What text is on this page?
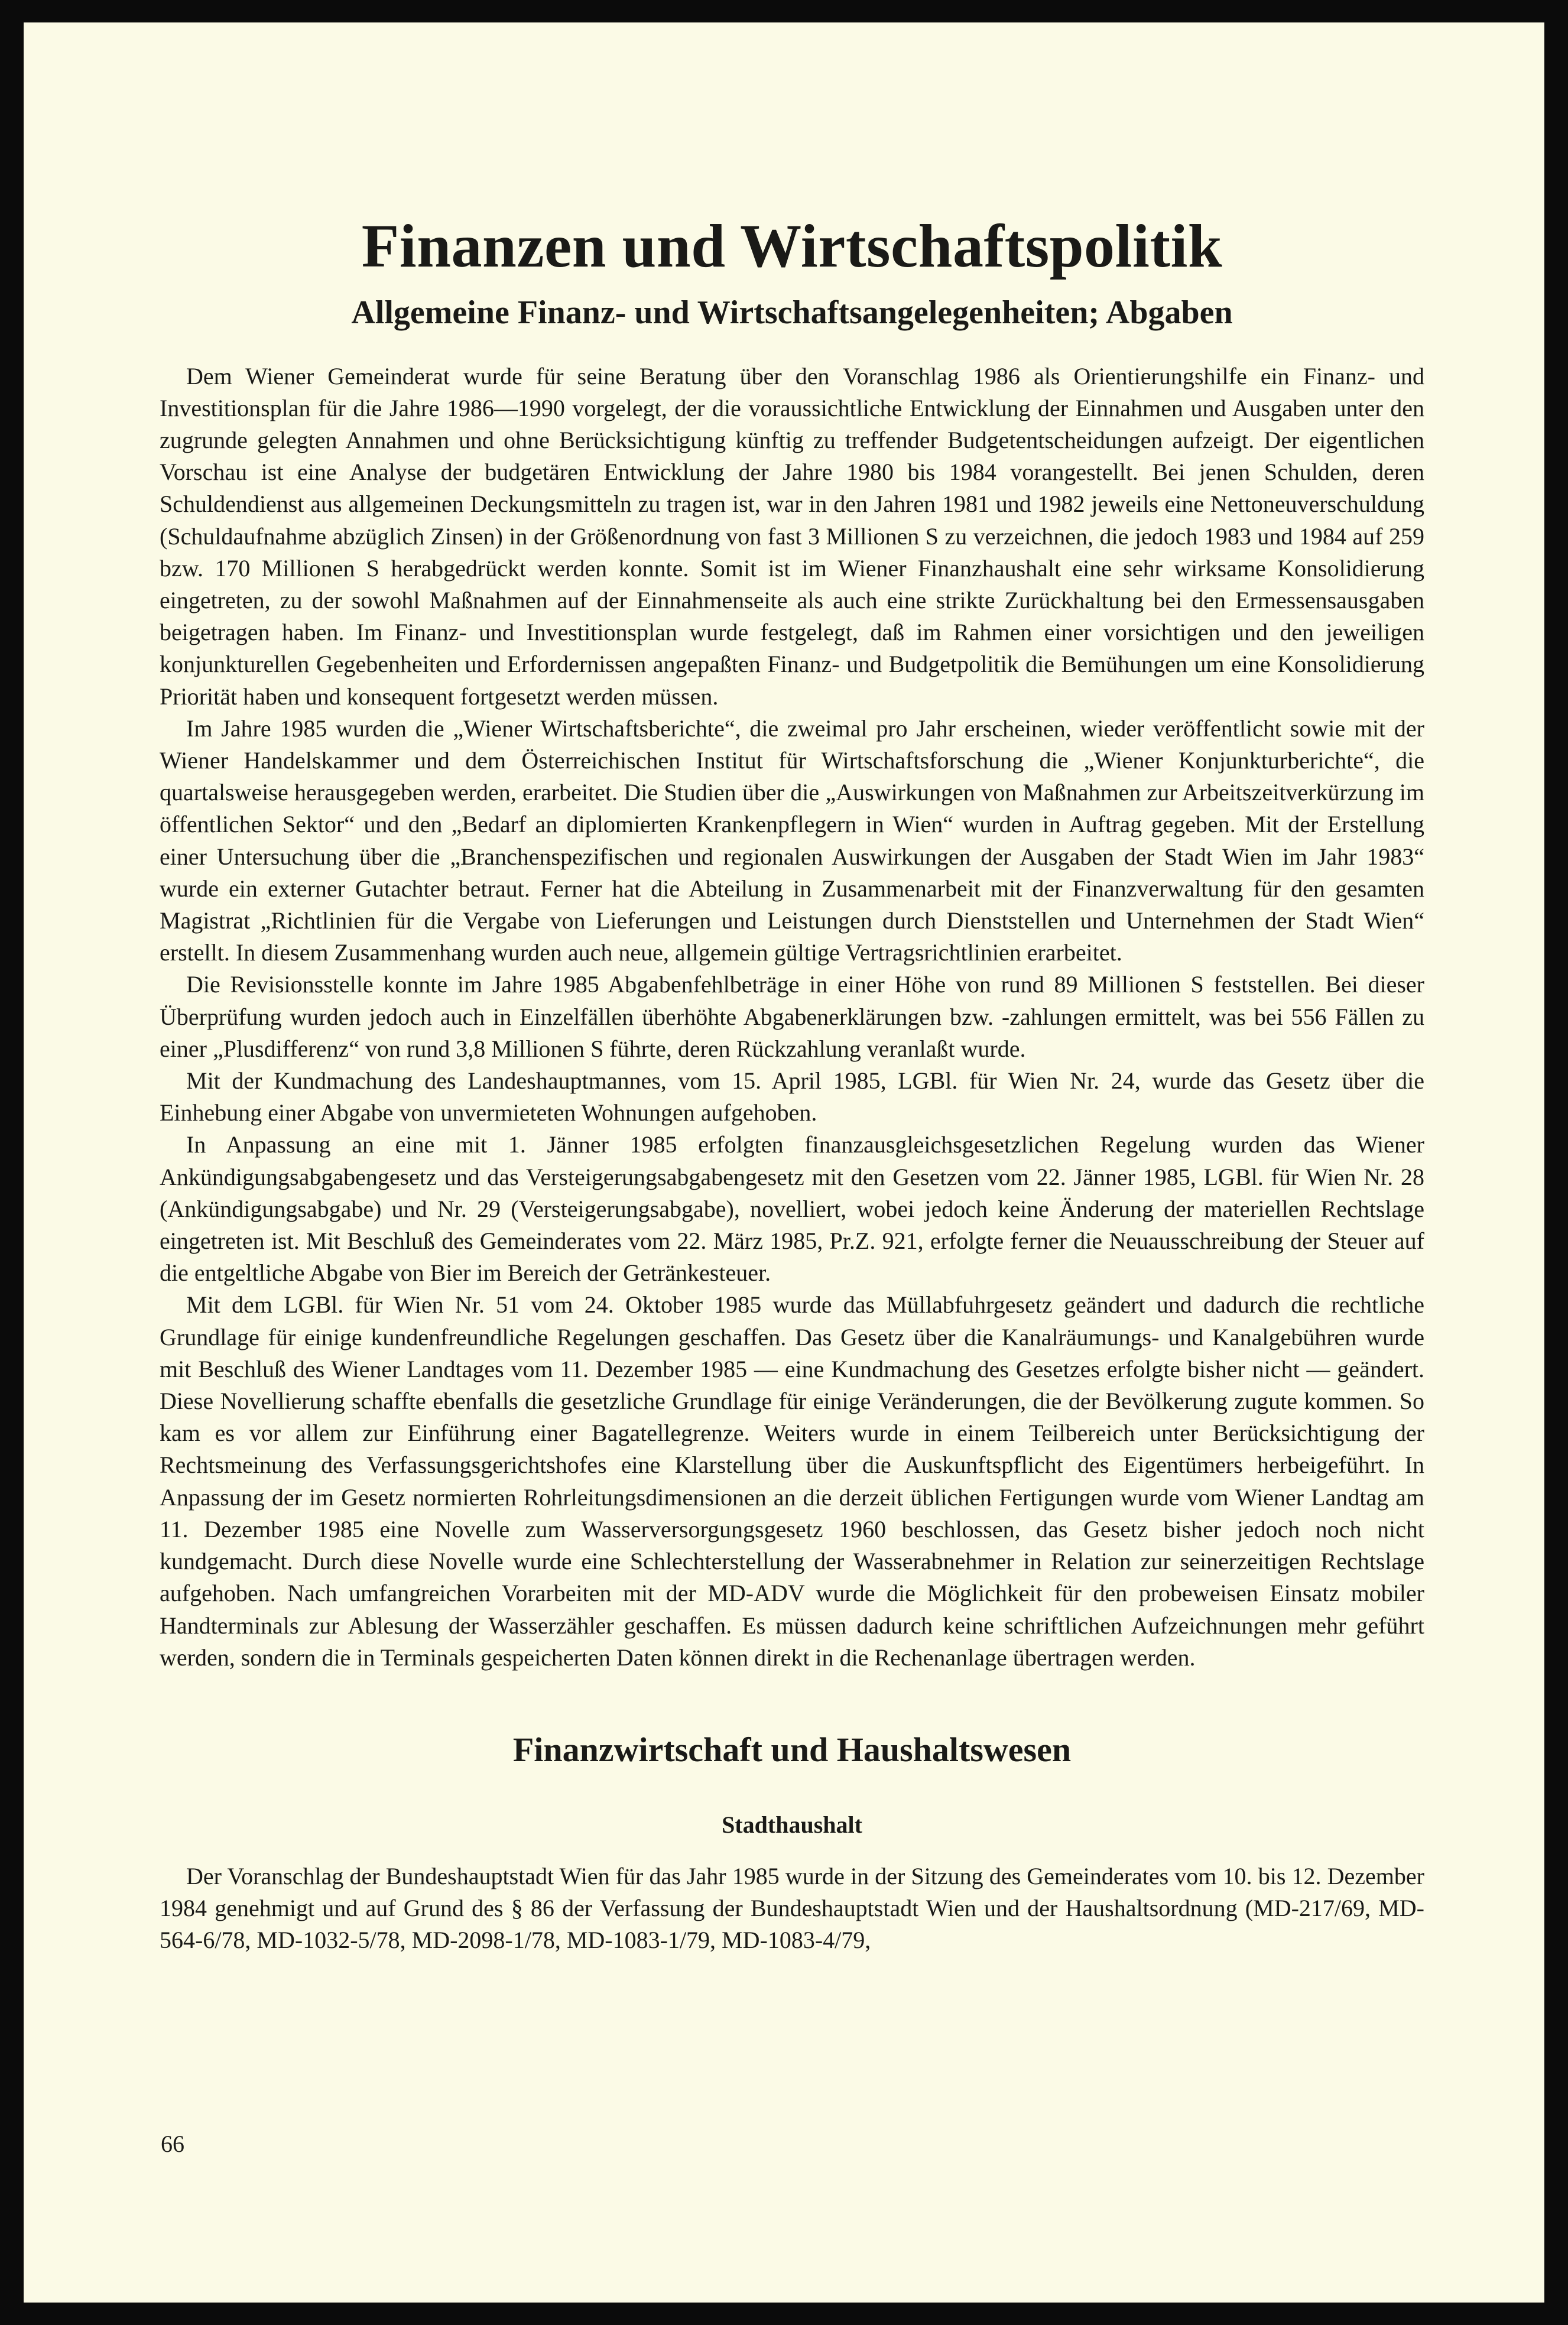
Finanzen und Wirtschaftspolitik
Allgemeine Finanz- und Wirtschaftsangelegenheiten; Abgaben

Dem Wiener Gemeinderat wurde für seine Beratung über den Voranschlag 1986 als Orientierungshilfe ein Finanz- und Investitionsplan für die Jahre 1986—1990 vorgelegt, der die voraussichtliche Entwicklung der Einnahmen und Ausgaben unter den zugrunde gelegten Annahmen und ohne Berücksichtigung künftig zu treffender Budgetentscheidungen aufzeigt. Der eigentlichen Vorschau ist eine Analyse der budgetären Entwicklung der Jahre 1980 bis 1984 vorangestellt. Bei jenen Schulden, deren Schuldendienst aus allgemeinen Deckungsmitteln zu tragen ist, war in den Jahren 1981 und 1982 jeweils eine Nettoneuverschuldung (Schuldaufnahme abzüglich Zinsen) in der Größenordnung von fast 3 Millionen S zu verzeichnen, die jedoch 1983 und 1984 auf 259 bzw. 170 Millionen S herabgedrückt werden konnte. Somit ist im Wiener Finanzhaushalt eine sehr wirksame Konsolidierung eingetreten, zu der sowohl Maßnahmen auf der Einnahmenseite als auch eine strikte Zurückhaltung bei den Ermessensausgaben beigetragen haben. Im Finanz- und Investitionsplan wurde festgelegt, daß im Rahmen einer vorsichtigen und den jeweiligen konjunkturellen Gegebenheiten und Erfordernissen angepaßten Finanz- und Budgetpolitik die Bemühungen um eine Konsolidierung Priorität haben und konsequent fortgesetzt werden müssen.

Im Jahre 1985 wurden die „Wiener Wirtschaftsberichte“, die zweimal pro Jahr erscheinen, wieder veröffentlicht sowie mit der Wiener Handelskammer und dem Österreichischen Institut für Wirtschaftsforschung die „Wiener Konjunkturberichte“, die quartalsweise herausgegeben werden, erarbeitet. Die Studien über die „Auswirkungen von Maßnahmen zur Arbeitszeitverkürzung im öffentlichen Sektor“ und den „Bedarf an diplomierten Krankenpflegern in Wien“ wurden in Auftrag gegeben. Mit der Erstellung einer Untersuchung über die „Branchenspezifischen und regionalen Auswirkungen der Ausgaben der Stadt Wien im Jahr 1983“ wurde ein externer Gutachter betraut. Ferner hat die Abteilung in Zusammenarbeit mit der Finanzverwaltung für den gesamten Magistrat „Richtlinien für die Vergabe von Lieferungen und Leistungen durch Dienststellen und Unternehmen der Stadt Wien“ erstellt. In diesem Zusammenhang wurden auch neue, allgemein gültige Vertragsrichtlinien erarbeitet.

Die Revisionsstelle konnte im Jahre 1985 Abgabenfehlbeträge in einer Höhe von rund 89 Millionen S feststellen. Bei dieser Überprüfung wurden jedoch auch in Einzelfällen überhöhte Abgabenerklärungen bzw. -zahlungen ermittelt, was bei 556 Fällen zu einer „Plusdifferenz“ von rund 3,8 Millionen S führte, deren Rückzahlung veranlaßt wurde.

Mit der Kundmachung des Landeshauptmannes, vom 15. April 1985, LGBl. für Wien Nr. 24, wurde das Gesetz über die Einhebung einer Abgabe von unvermieteten Wohnungen aufgehoben.

In Anpassung an eine mit 1. Jänner 1985 erfolgten finanzausgleichsgesetzlichen Regelung wurden das Wiener Ankündigungsabgabengesetz und das Versteigerungsabgabengesetz mit den Gesetzen vom 22. Jänner 1985, LGBl. für Wien Nr. 28 (Ankündigungsabgabe) und Nr. 29 (Versteigerungsabgabe), novelliert, wobei jedoch keine Änderung der materiellen Rechtslage eingetreten ist. Mit Beschluß des Gemeinderates vom 22. März 1985, Pr.Z. 921, erfolgte ferner die Neuausschreibung der Steuer auf die entgeltliche Abgabe von Bier im Bereich der Getränkesteuer.

Mit dem LGBl. für Wien Nr. 51 vom 24. Oktober 1985 wurde das Müllabfuhrgesetz geändert und dadurch die rechtliche Grundlage für einige kundenfreundliche Regelungen geschaffen. Das Gesetz über die Kanalräumungs- und Kanalgebühren wurde mit Beschluß des Wiener Landtages vom 11. Dezember 1985 — eine Kundmachung des Gesetzes erfolgte bisher nicht — geändert. Diese Novellierung schaffte ebenfalls die gesetzliche Grundlage für einige Veränderungen, die der Bevölkerung zugute kommen. So kam es vor allem zur Einführung einer Bagatellegrenze. Weiters wurde in einem Teilbereich unter Berücksichtigung der Rechtsmeinung des Verfassungsgerichtshofes eine Klarstellung über die Auskunftspflicht des Eigentümers herbeigeführt. In Anpassung der im Gesetz normierten Rohrleitungsdimensionen an die derzeit üblichen Fertigungen wurde vom Wiener Landtag am 11. Dezember 1985 eine Novelle zum Wasserversorgungsgesetz 1960 beschlossen, das Gesetz bisher jedoch noch nicht kundgemacht. Durch diese Novelle wurde eine Schlechterstellung der Wasserabnehmer in Relation zur seinerzeitigen Rechtslage aufgehoben. Nach umfangreichen Vorarbeiten mit der MD-ADV wurde die Möglichkeit für den probeweisen Einsatz mobiler Handterminals zur Ablesung der Wasserzähler geschaffen. Es müssen dadurch keine schriftlichen Aufzeichnungen mehr geführt werden, sondern die in Terminals gespeicherten Daten können direkt in die Rechenanlage übertragen werden.

Finanzwirtschaft und Haushaltswesen
Stadthaushalt

Der Voranschlag der Bundeshauptstadt Wien für das Jahr 1985 wurde in der Sitzung des Gemeinderates vom 10. bis 12. Dezember 1984 genehmigt und auf Grund des § 86 der Verfassung der Bundeshauptstadt Wien und der Haushaltsordnung (MD-217/69, MD-564-6/78, MD-1032-5/78, MD-2098-1/78, MD-1083-1/79, MD-1083-4/79,

66
